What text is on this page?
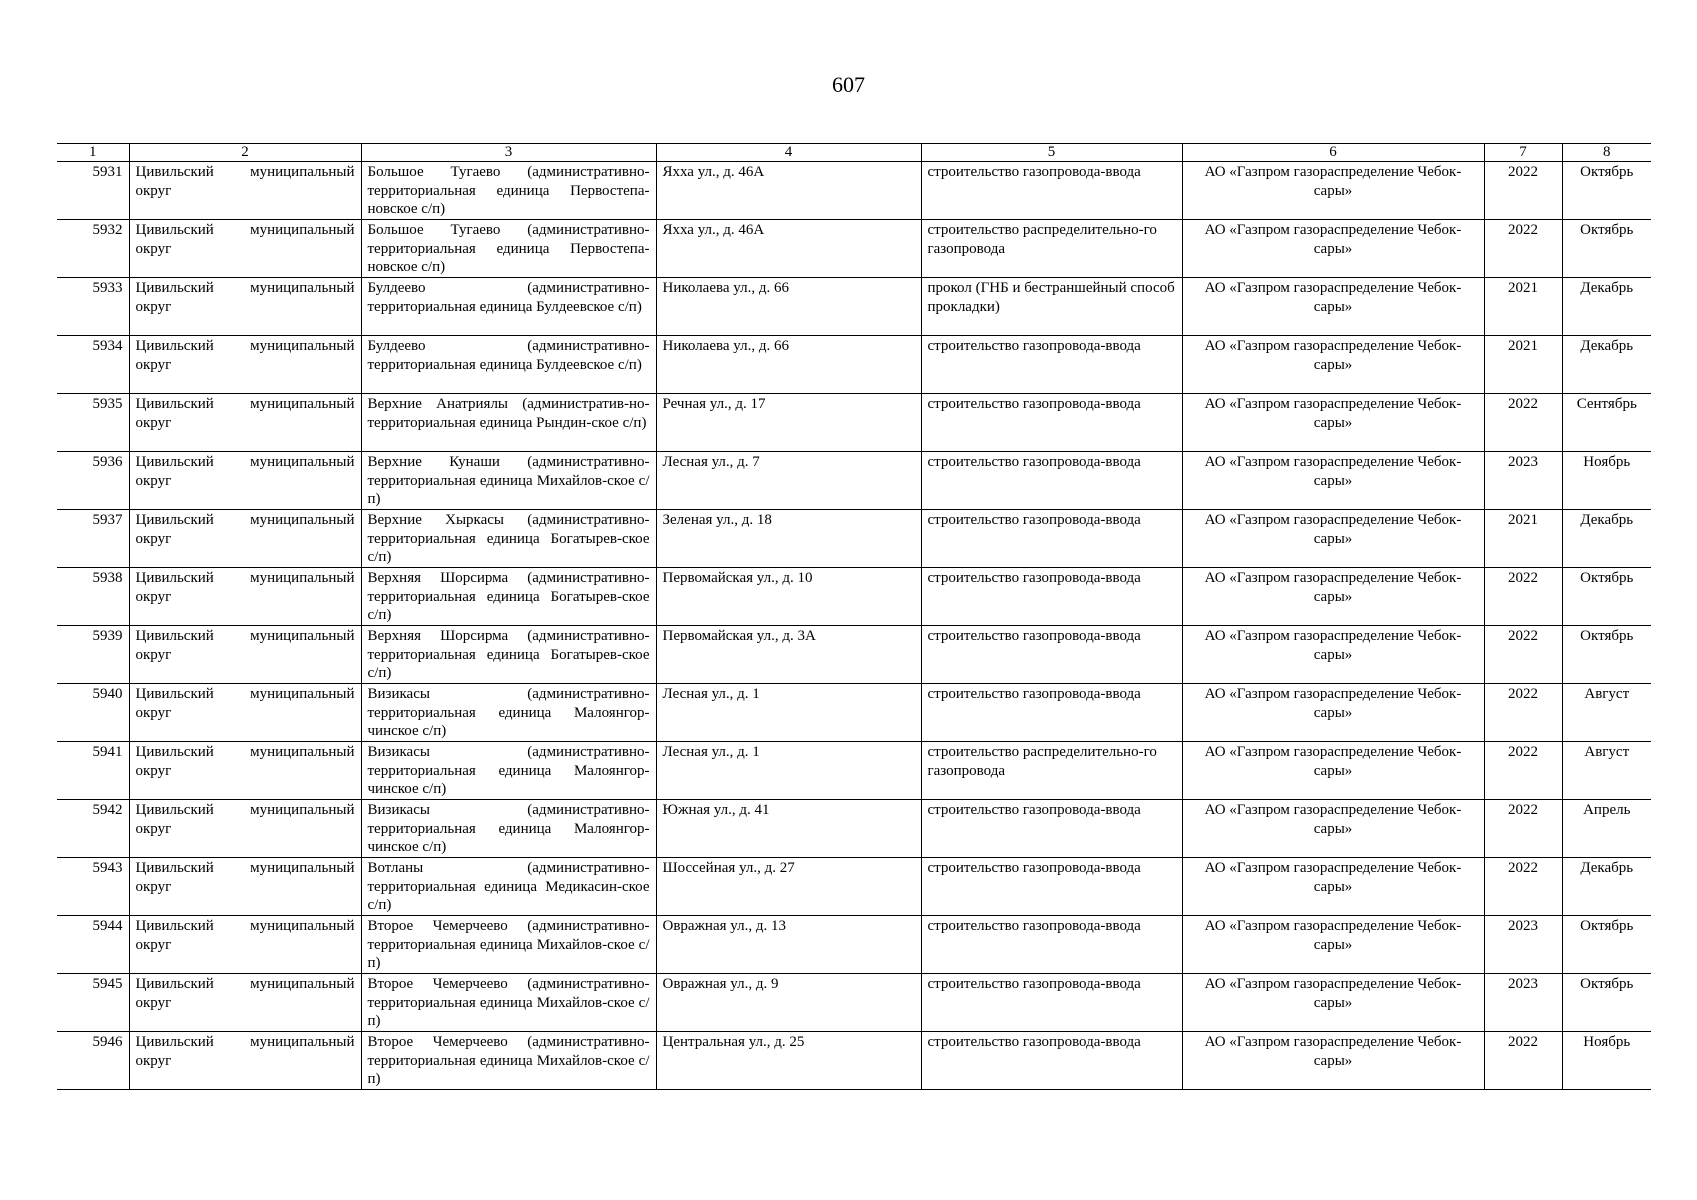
607
1	2	3	4	5	6	7	8
5931	Цивильский муниципальный округ	Большое Тугаево (административно-территориальная единица Первостепа-новское с/п)	Яхха ул., д. 46А	строительство газопровода-ввода	АО «Газпром газораспределение Чебок-сары»	2022	Октябрь
5932	Цивильский муниципальный округ	Большое Тугаево (административно-территориальная единица Первостепа-новское с/п)	Яхха ул., д. 46А	строительство распределительно-го газопровода	АО «Газпром газораспределение Чебок-сары»	2022	Октябрь
5933	Цивильский муниципальный округ	Булдеево (административно-территориальная единица Булдеевское с/п)	Николаева ул., д. 66	прокол (ГНБ и бестраншейный способ прокладки)	АО «Газпром газораспределение Чебок-сары»	2021	Декабрь
5934	Цивильский муниципальный округ	Булдеево (административно-территориальная единица Булдеевское с/п)	Николаева ул., д. 66	строительство газопровода-ввода	АО «Газпром газораспределение Чебок-сары»	2021	Декабрь
5935	Цивильский муниципальный округ	Верхние Анатриялы (административ-но-территориальная единица Рындин-ское с/п)	Речная ул., д. 17	строительство газопровода-ввода	АО «Газпром газораспределение Чебок-сары»	2022	Сентябрь
5936	Цивильский муниципальный округ	Верхние Кунаши (административно-территориальная единица Михайлов-ское с/п)	Лесная ул., д. 7	строительство газопровода-ввода	АО «Газпром газораспределение Чебок-сары»	2023	Ноябрь
5937	Цивильский муниципальный округ	Верхние Хыркасы (административно-территориальная единица Богатырев-ское с/п)	Зеленая ул., д. 18	строительство газопровода-ввода	АО «Газпром газораспределение Чебок-сары»	2021	Декабрь
5938	Цивильский муниципальный округ	Верхняя Шорсирма (административно-территориальная единица Богатырев-ское с/п)	Первомайская ул., д. 10	строительство газопровода-ввода	АО «Газпром газораспределение Чебок-сары»	2022	Октябрь
5939	Цивильский муниципальный округ	Верхняя Шорсирма (административно-территориальная единица Богатырев-ское с/п)	Первомайская ул., д. 3А	строительство газопровода-ввода	АО «Газпром газораспределение Чебок-сары»	2022	Октябрь
5940	Цивильский муниципальный округ	Визикасы (административно-территориальная единица Малоянгор-чинское с/п)	Лесная ул., д. 1	строительство газопровода-ввода	АО «Газпром газораспределение Чебок-сары»	2022	Август
5941	Цивильский муниципальный округ	Визикасы (административно-территориальная единица Малоянгор-чинское с/п)	Лесная ул., д. 1	строительство распределительно-го газопровода	АО «Газпром газораспределение Чебок-сары»	2022	Август
5942	Цивильский муниципальный округ	Визикасы (административно-территориальная единица Малоянгор-чинское с/п)	Южная ул., д. 41	строительство газопровода-ввода	АО «Газпром газораспределение Чебок-сары»	2022	Апрель
5943	Цивильский муниципальный округ	Вотланы (административно-территориальная единица Медикасин-ское с/п)	Шоссейная ул., д. 27	строительство газопровода-ввода	АО «Газпром газораспределение Чебок-сары»	2022	Декабрь
5944	Цивильский муниципальный округ	Второе Чемерчеево (административно-территориальная единица Михайлов-ское с/п)	Овражная ул., д. 13	строительство газопровода-ввода	АО «Газпром газораспределение Чебок-сары»	2023	Октябрь
5945	Цивильский муниципальный округ	Второе Чемерчеево (административно-территориальная единица Михайлов-ское с/п)	Овражная ул., д. 9	строительство газопровода-ввода	АО «Газпром газораспределение Чебок-сары»	2023	Октябрь
5946	Цивильский муниципальный округ	Второе Чемерчеево (административно-территориальная единица Михайлов-ское с/п)	Центральная ул., д. 25	строительство газопровода-ввода	АО «Газпром газораспределение Чебок-сары»	2022	Ноябрь
